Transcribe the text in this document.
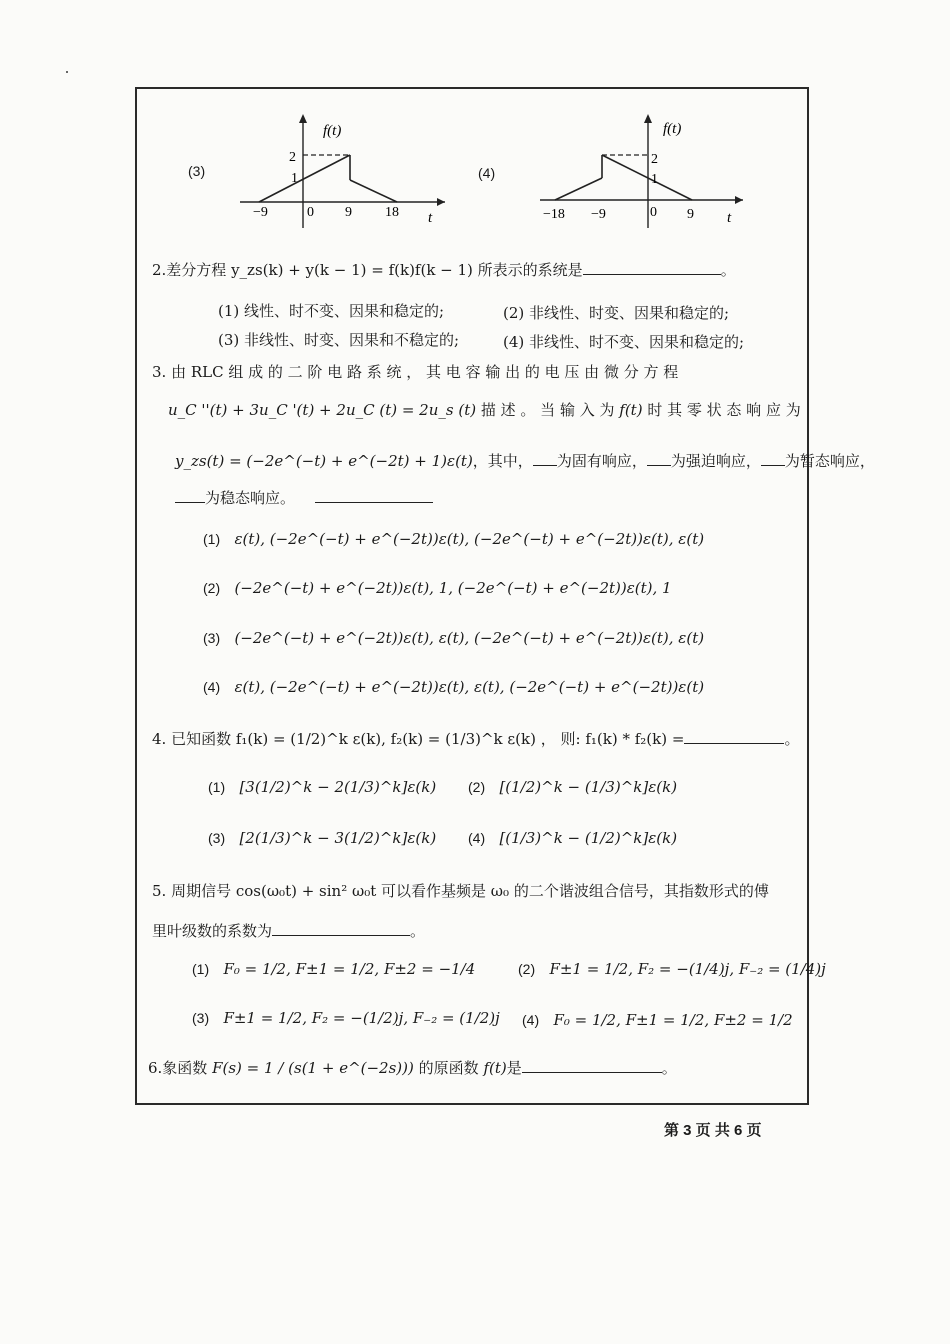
(3)
f(t)
2
1
−9	0 9 18 t
(4)
f(t)
2
1
−18 −9	0 9 t
2.差分方程 y_zs(k) + y(k − 1) = f(k)f(k − 1) 所表示的系统是	。
(1) 线性、时不变、因果和稳定的;	(2) 非线性、时变、因果和稳定的;
(3) 非线性、时变、因果和不稳定的;	(4) 非线性、时不变、因果和稳定的;
3. 由 RLC 组 成 的 二 阶 电 路 系 统 ， 其 电 容 输 出 的 电 压 由 微 分 方 程
u_C ''(t) + 3u_C '(t) + 2u_C (t) = 2u_s (t) 描 述 。 当 输 入 为 f(t) 时 其 零 状 态 响 应 为
y_zs(t) = (−2e^(−t) + e^(−2t) + 1)ε(t)，其中， 为固有响应， 为强迫响应， 为暂态响应，
为稳态响应。
(1) ε(t), (−2e^(−t) + e^(−2t))ε(t), (−2e^(−t) + e^(−2t))ε(t), ε(t)
(2) (−2e^(−t) + e^(−2t))ε(t), 1, (−2e^(−t) + e^(−2t))ε(t), 1
(3) (−2e^(−t) + e^(−2t))ε(t), ε(t), (−2e^(−t) + e^(−2t))ε(t), ε(t)
(4) ε(t), (−2e^(−t) + e^(−2t))ε(t), ε(t), (−2e^(−t) + e^(−2t))ε(t)
4. 已知函数 f₁(k) = (1/2)^k ε(k), f₂(k) = (1/3)^k ε(k) ， 则: f₁(k) * f₂(k) =	。
(1) [3(1/2)^k − 2(1/3)^k]ε(k) (2) [(1/2)^k − (1/3)^k]ε(k)
(3) [2(1/3)^k − 3(1/2)^k]ε(k) (4) [(1/3)^k − (1/2)^k]ε(k)
5. 周期信号 cos(ω₀t) + sin² ω₀t 可以看作基频是 ω₀ 的二个谐波组合信号，其指数形式的傅
里叶级数的系数为	。
(1) F₀ = 1/2, F±1 = 1/2, F±2 = −1/4	(2) F±1 = 1/2, F₂ = −(1/4)j, F₋₂ = (1/4)j
(3) F±1 = 1/2, F₂ = −(1/2)j, F₋₂ = (1/2)j (4) F₀ = 1/2, F±1 = 1/2, F±2 = 1/2
6.象函数 F(s) = 1 / (s(1 + e^(−2s))) 的原函数 f(t)是	。
第 3 页 共 6 页
